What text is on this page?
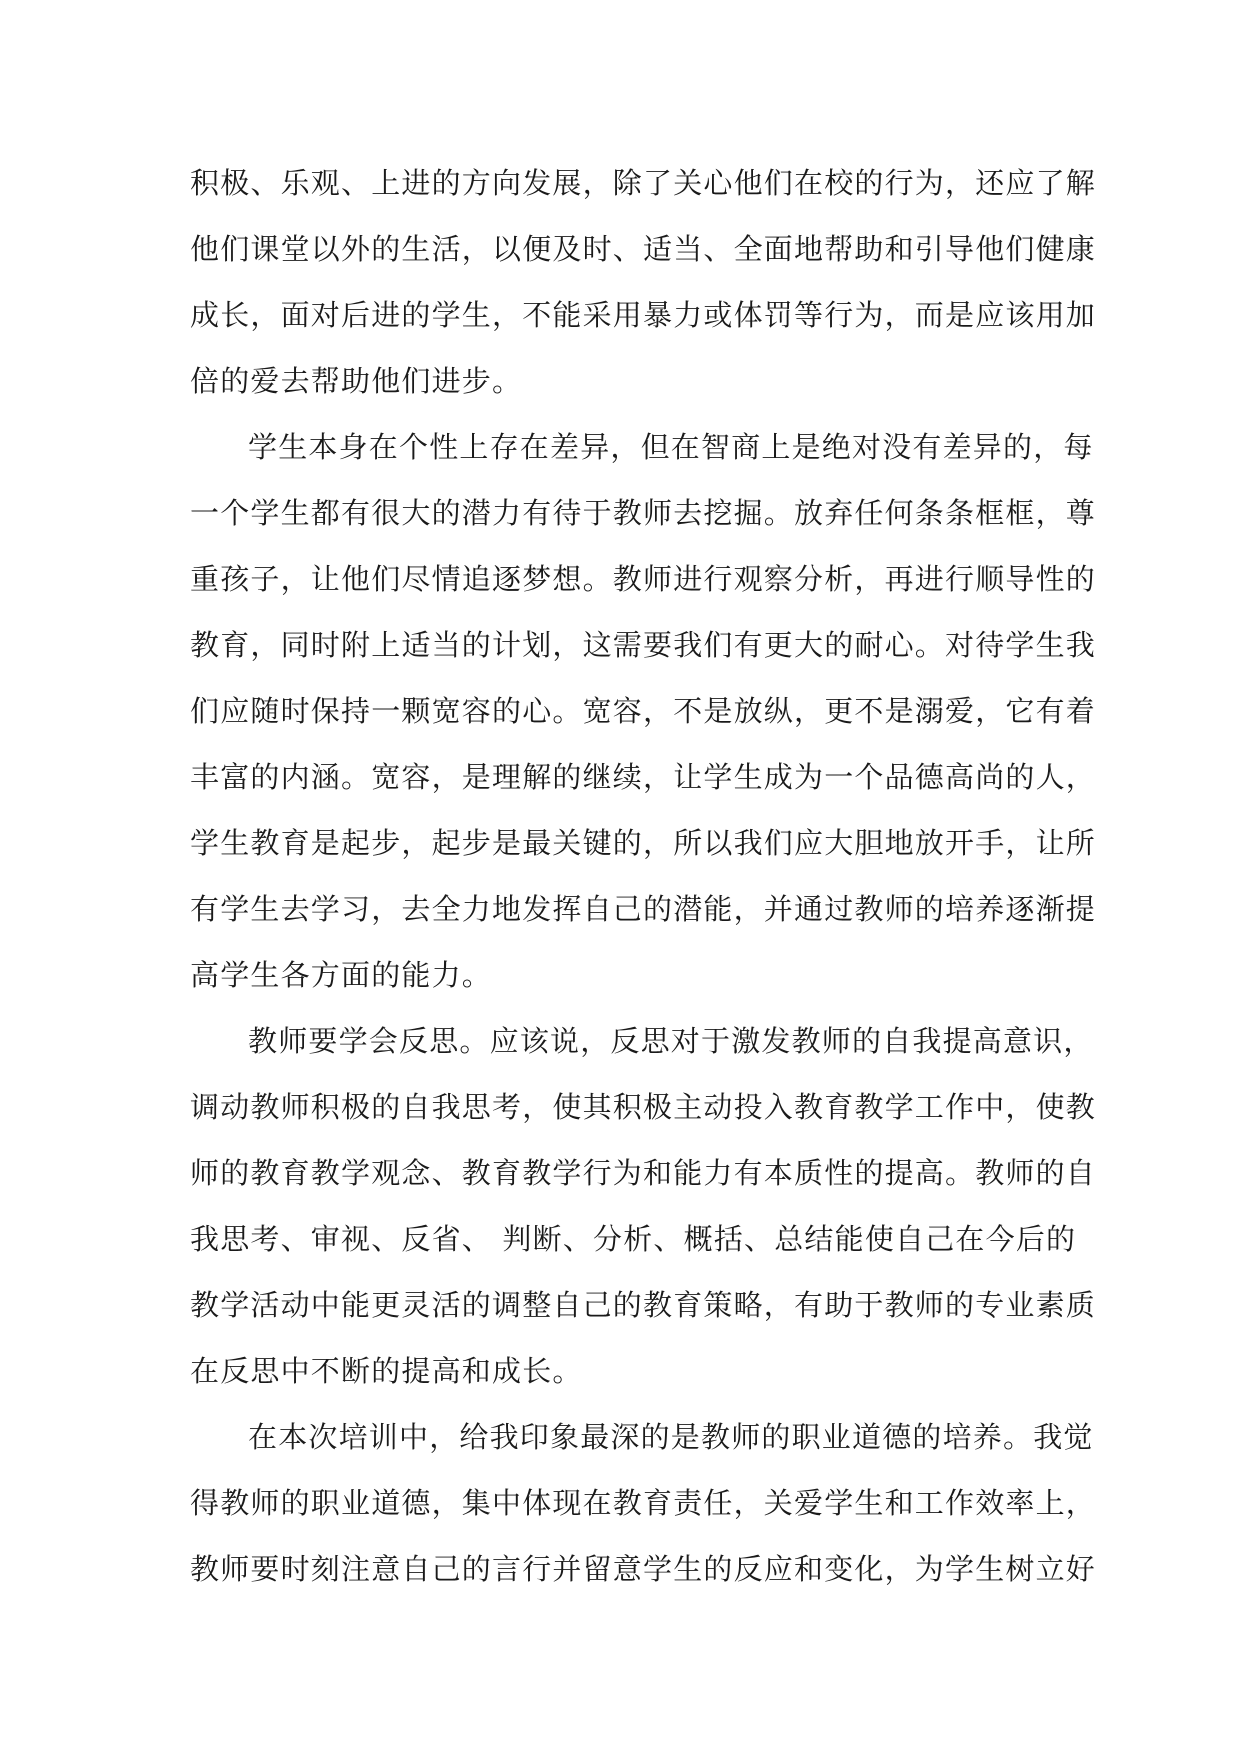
积极、乐观、上进的方向发展，除了关心他们在校的行为，还应了解
他们课堂以外的生活，以便及时、适当、全面地帮助和引导他们健康
成长，面对后进的学生，不能采用暴力或体罚等行为，而是应该用加
倍的爱去帮助他们进步。
学生本身在个性上存在差异，但在智商上是绝对没有差异的，每
一个学生都有很大的潜力有待于教师去挖掘。放弃任何条条框框，尊
重孩子，让他们尽情追逐梦想。教师进行观察分析，再进行顺导性的
教育，同时附上适当的计划，这需要我们有更大的耐心。对待学生我
们应随时保持一颗宽容的心。宽容，不是放纵，更不是溺爱，它有着
丰富的内涵。宽容，是理解的继续，让学生成为一个品德高尚的人，
学生教育是起步，起步是最关键的，所以我们应大胆地放开手，让所
有学生去学习，去全力地发挥自己的潜能，并通过教师的培养逐渐提
高学生各方面的能力。
教师要学会反思。应该说，反思对于激发教师的自我提高意识，
调动教师积极的自我思考，使其积极主动投入教育教学工作中，使教
师的教育教学观念、教育教学行为和能力有本质性的提高。教师的自
我思考、审视、反省、 判断、分析、概括、总结能使自己在今后的
教学活动中能更灵活的调整自己的教育策略，有助于教师的专业素质
在反思中不断的提高和成长。
在本次培训中，给我印象最深的是教师的职业道德的培养。我觉
得教师的职业道德，集中体现在教育责任，关爱学生和工作效率上，
教师要时刻注意自己的言行并留意学生的反应和变化，为学生树立好
